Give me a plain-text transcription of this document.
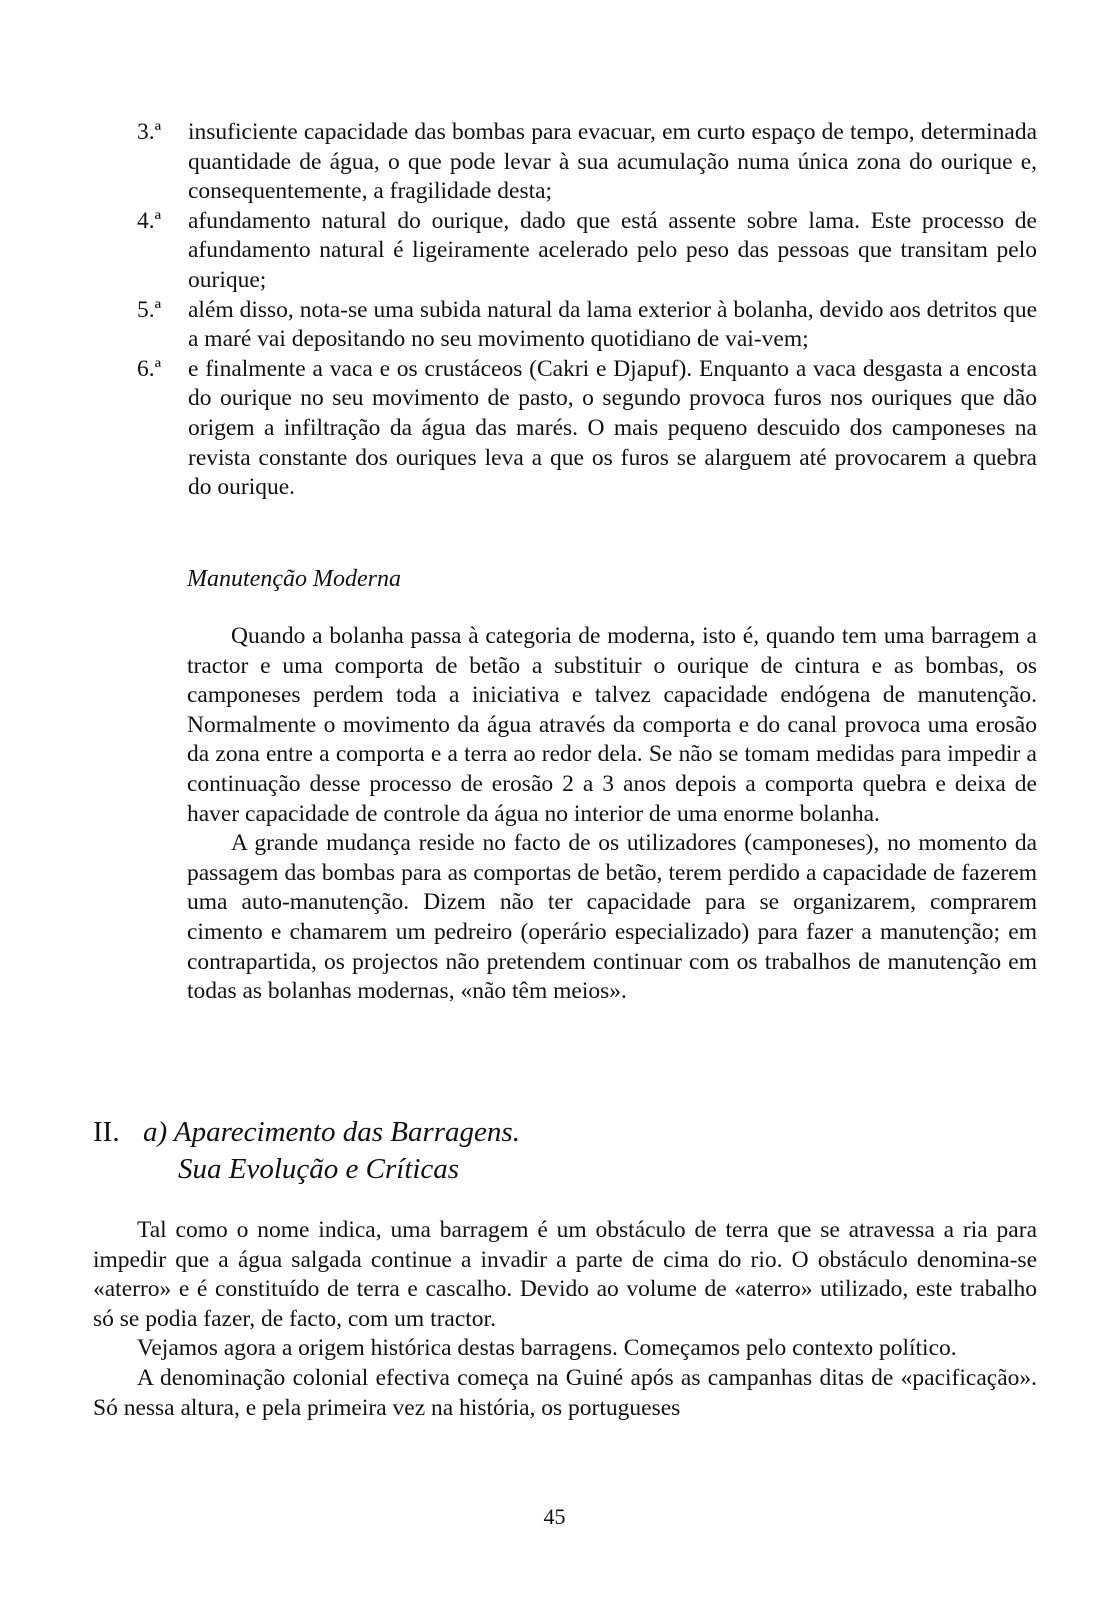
3.ª insuficiente capacidade das bombas para evacuar, em curto espaço de tempo, determinada quantidade de água, o que pode levar à sua acumulação numa única zona do ourique e, consequentemente, a fragilidade desta;

4.ª afundamento natural do ourique, dado que está assente sobre lama. Este processo de afundamento natural é ligeiramente acelerado pelo peso das pessoas que transitam pelo ourique;

5.ª além disso, nota-se uma subida natural da lama exterior à bolanha, devido aos detritos que a maré vai depositando no seu movimento quotidiano de vai-vem;

6.ª e finalmente a vaca e os crustáceos (Cakri e Djapuf). Enquanto a vaca desgasta a encosta do ourique no seu movimento de pasto, o segundo provoca furos nos ouriques que dão origem a infiltração da água das marés. O mais pequeno descuido dos camponeses na revista constante dos ouriques leva a que os furos se alarguem até provocarem a quebra do ourique.

Manutenção Moderna

Quando a bolanha passa à categoria de moderna, isto é, quando tem uma barragem a tractor e uma comporta de betão a substituir o ourique de cintura e as bombas, os camponeses perdem toda a iniciativa e talvez capacidade endógena de manutenção. Normalmente o movimento da água através da comporta e do canal provoca uma erosão da zona entre a comporta e a terra ao redor dela. Se não se tomam medidas para impedir a continuação desse processo de erosão 2 a 3 anos depois a comporta quebra e deixa de haver capacidade de controle da água no interior de uma enorme bolanha.

A grande mudança reside no facto de os utilizadores (camponeses), no momento da passagem das bombas para as comportas de betão, terem perdido a capacidade de fazerem uma auto-manutenção. Dizem não ter capacidade para se organizarem, comprarem cimento e chamarem um pedreiro (operário especializado) para fazer a manutenção; em contrapartida, os projectos não pretendem continuar com os trabalhos de manutenção em todas as bolanhas modernas, «não têm meios».

II. a) Aparecimento das Barragens.
Sua Evolução e Críticas

Tal como o nome indica, uma barragem é um obstáculo de terra que se atravessa a ria para impedir que a água salgada continue a invadir a parte de cima do rio. O obstáculo denomina-se «aterro» e é constituído de terra e cascalho. Devido ao volume de «aterro» utilizado, este trabalho só se podia fazer, de facto, com um tractor.

Vejamos agora a origem histórica destas barragens. Começamos pelo contexto político.

A denominação colonial efectiva começa na Guiné após as campanhas ditas de «pacificação». Só nessa altura, e pela primeira vez na história, os portugueses

45
